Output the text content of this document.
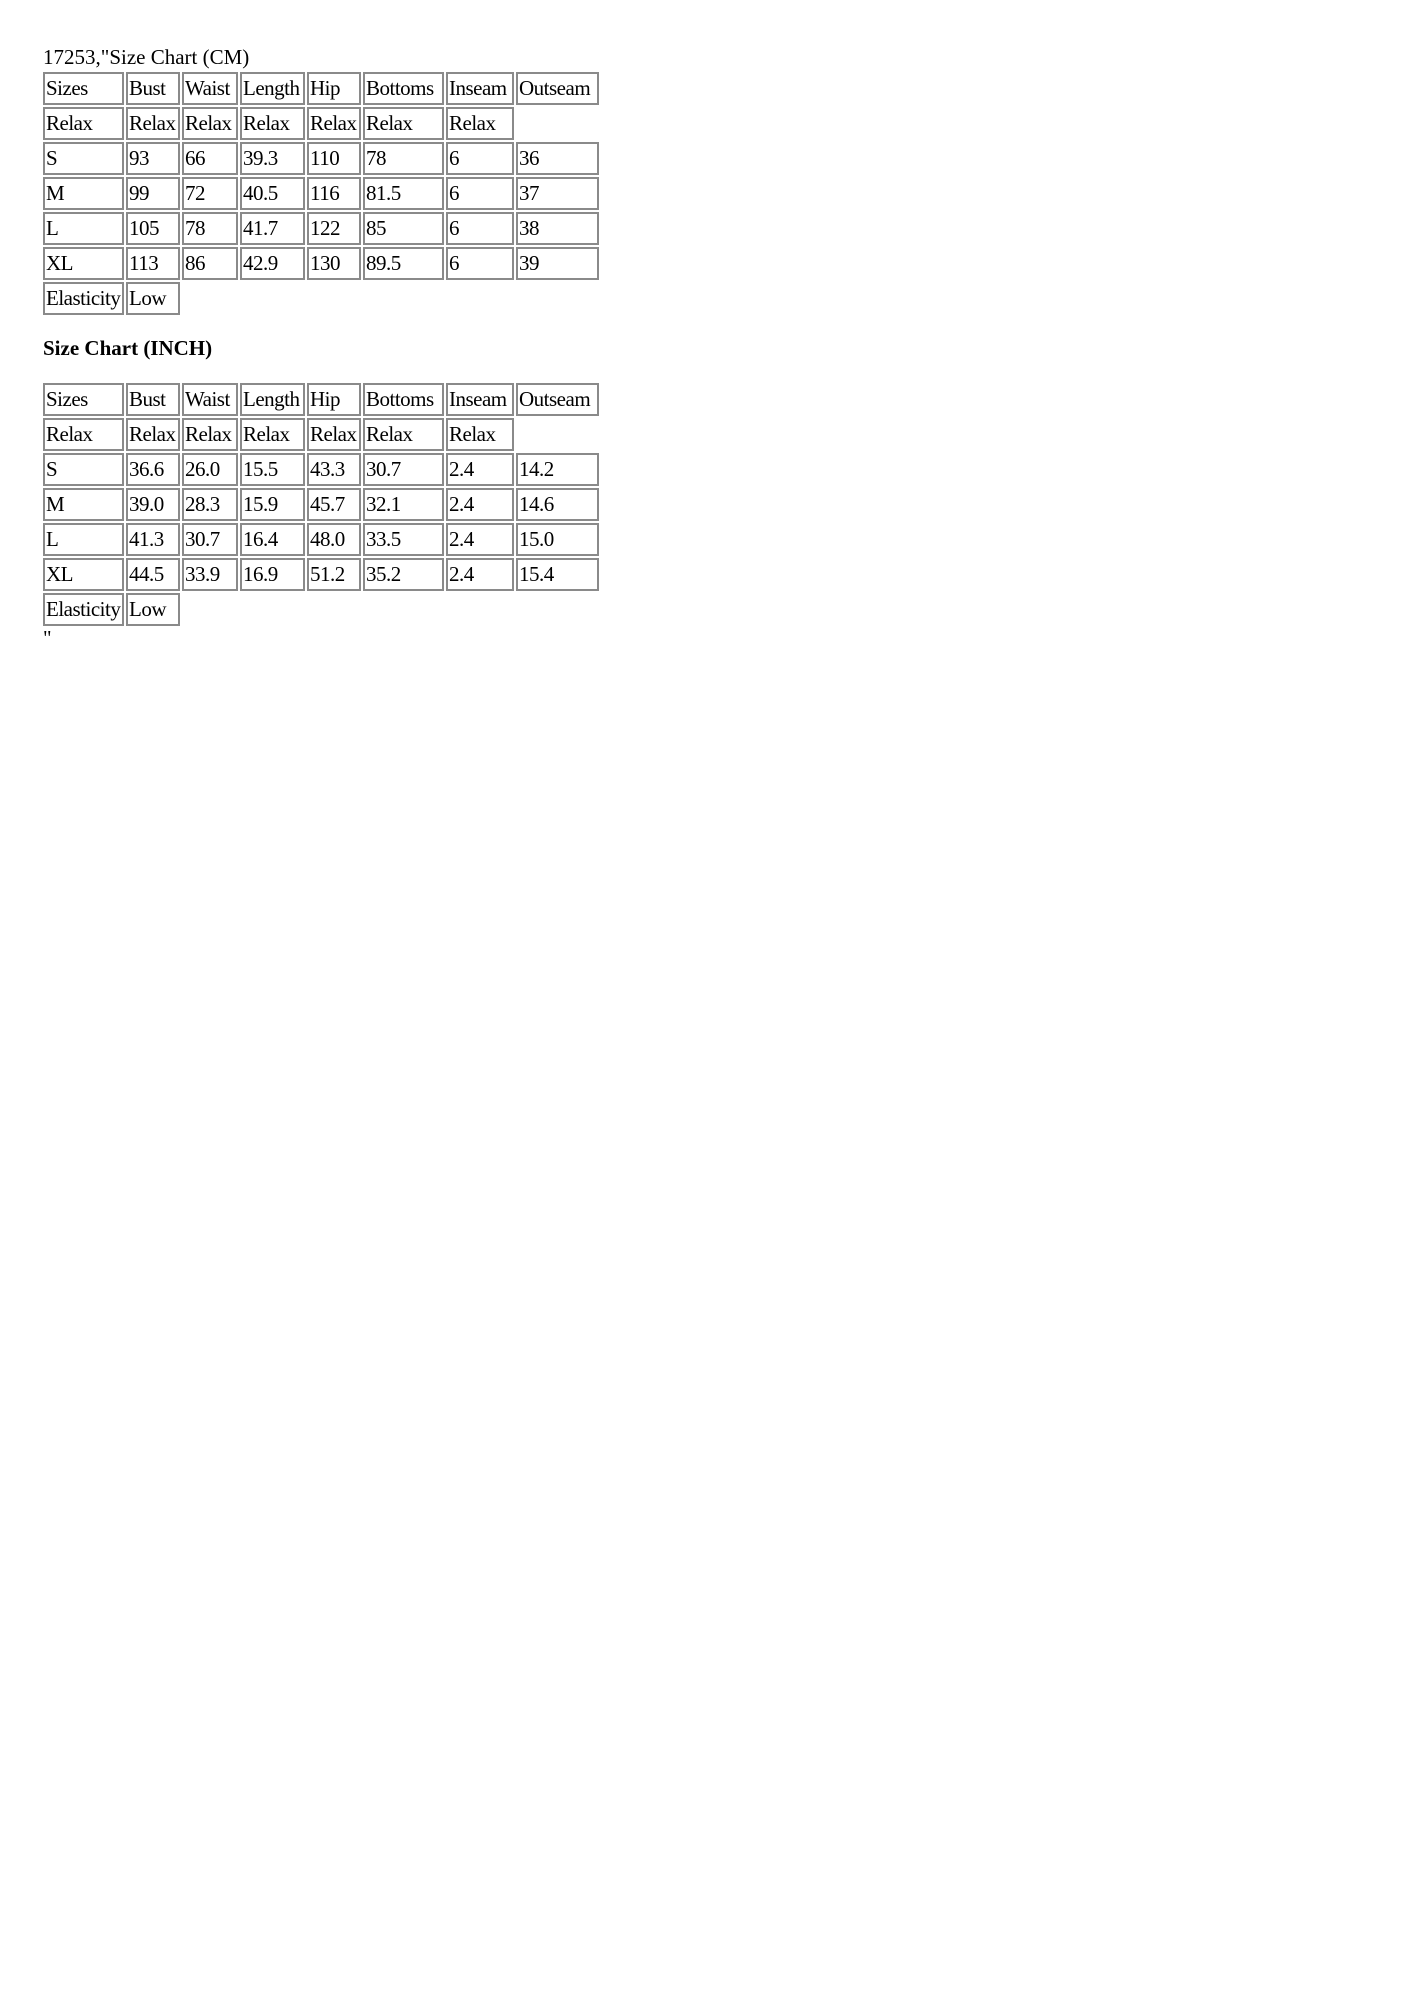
17253,"Size Chart (CM)

Sizes	Bust	Waist	Length	Hip	Bottoms	Inseam	Outseam
Relax	Relax	Relax	Relax	Relax	Relax	Relax	
S	93	66	39.3	110	78	6	36
M	99	72	40.5	116	81.5	6	37
L	105	78	41.7	122	85	6	38
XL	113	86	42.9	130	89.5	6	39
Elasticity	Low						

Size Chart (INCH)

Sizes	Bust	Waist	Length	Hip	Bottoms	Inseam	Outseam
Relax	Relax	Relax	Relax	Relax	Relax	Relax	
S	36.6	26.0	15.5	43.3	30.7	2.4	14.2
M	39.0	28.3	15.9	45.7	32.1	2.4	14.6
L	41.3	30.7	16.4	48.0	33.5	2.4	15.0
XL	44.5	33.9	16.9	51.2	35.2	2.4	15.4
Elasticity	Low						

"
